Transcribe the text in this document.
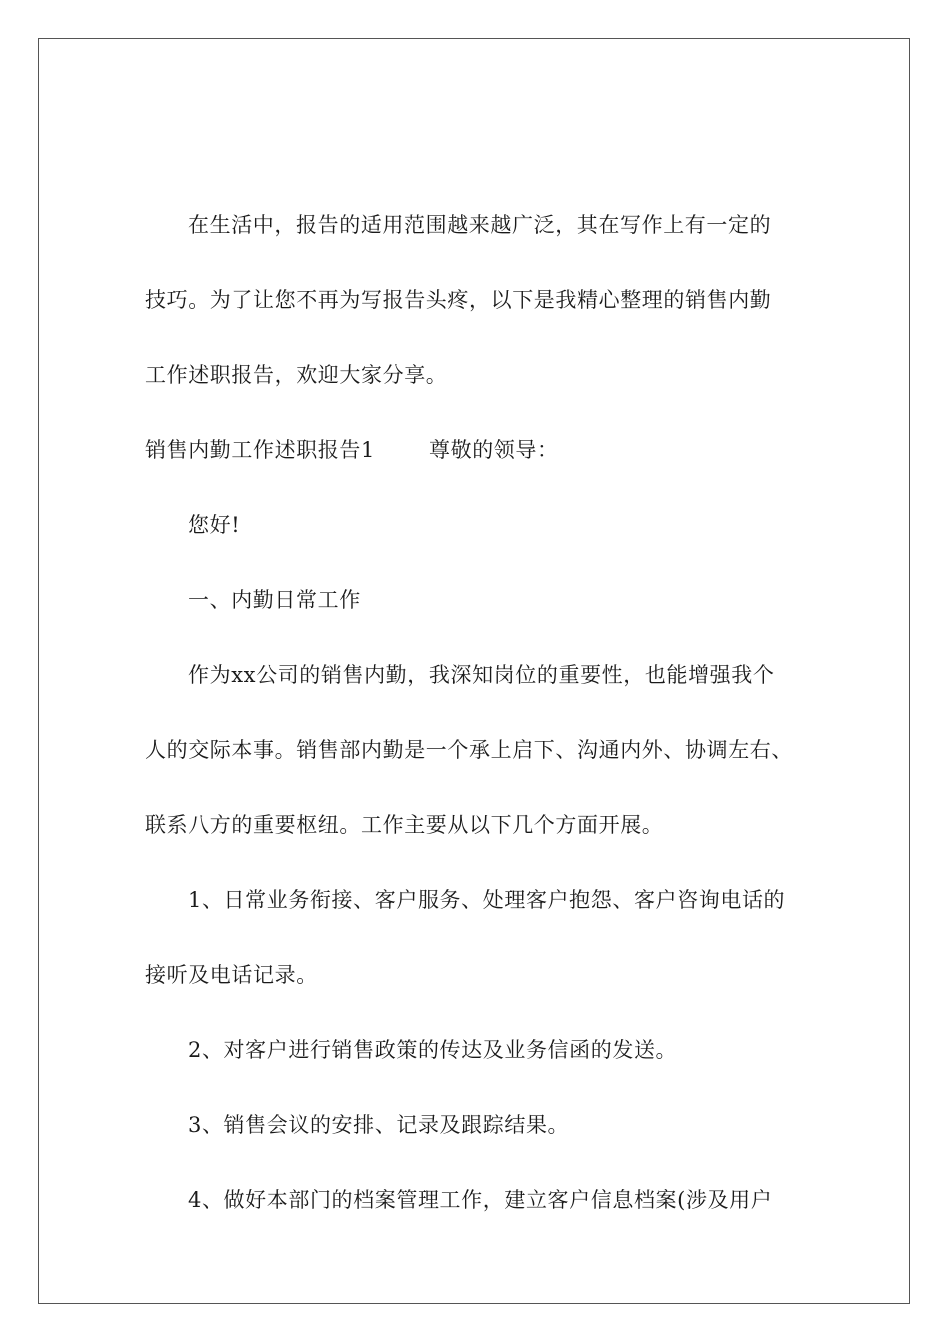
在生活中，报告的适用范围越来越广泛，其在写作上有一定的
技巧。为了让您不再为写报告头疼，以下是我精心整理的销售内勤
工作述职报告，欢迎大家分享。
销售内勤工作述职报告1	尊敬的领导：
您好!
一、内勤日常工作
作为xx公司的销售内勤，我深知岗位的重要性，也能增强我个
人的交际本事。销售部内勤是一个承上启下、沟通内外、协调左右、
联系八方的重要枢纽。工作主要从以下几个方面开展。
1、日常业务衔接、客户服务、处理客户抱怨、客户咨询电话的
接听及电话记录。
2、对客户进行销售政策的传达及业务信函的发送。
3、销售会议的安排、记录及跟踪结果。
4、做好本部门的档案管理工作，建立客户信息档案(涉及用户
